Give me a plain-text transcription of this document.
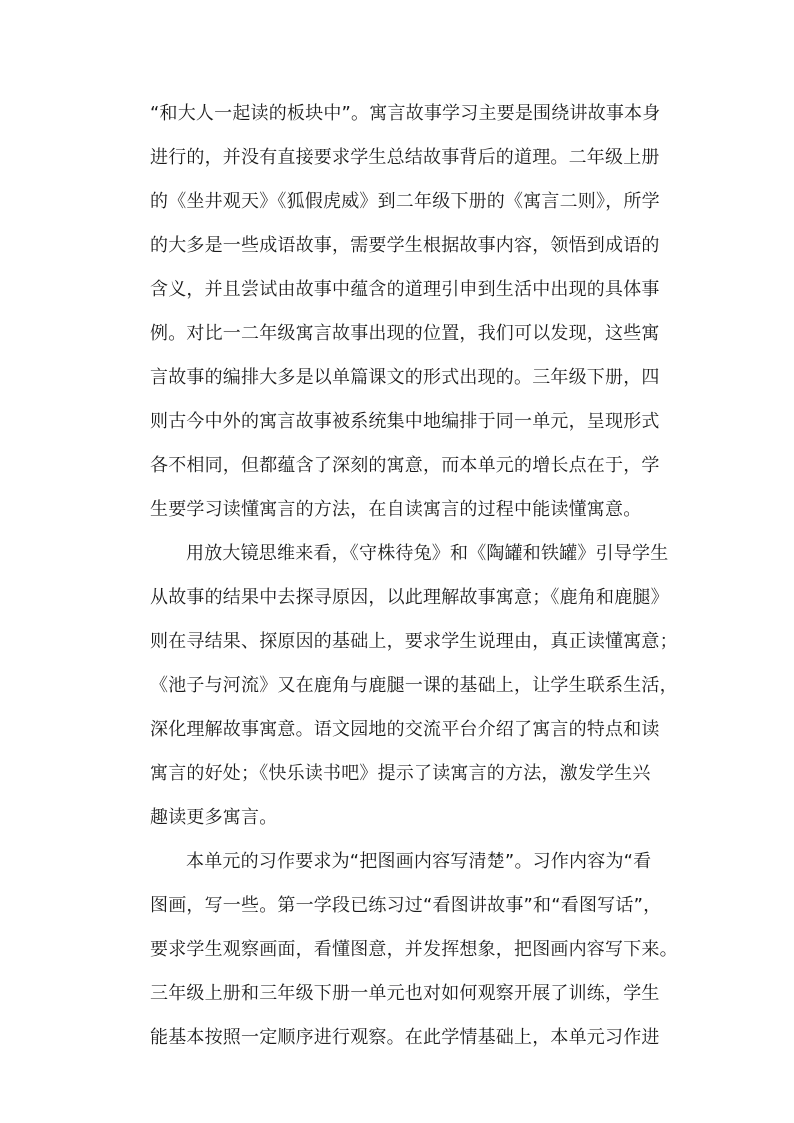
“和大人一起读的板块中”。寓言故事学习主要是围绕讲故事本身
进行的，并没有直接要求学生总结故事背后的道理。二年级上册
的《坐井观天》《狐假虎威》到二年级下册的《寓言二则》，所学
的大多是一些成语故事，需要学生根据故事内容，领悟到成语的
含义，并且尝试由故事中蕴含的道理引申到生活中出现的具体事
例。对比一二年级寓言故事出现的位置，我们可以发现，这些寓
言故事的编排大多是以单篇课文的形式出现的。三年级下册，四
则古今中外的寓言故事被系统集中地编排于同一单元，呈现形式
各不相同，但都蕴含了深刻的寓意，而本单元的增长点在于，学
生要学习读懂寓言的方法，在自读寓言的过程中能读懂寓意。
用放大镜思维来看，《守株待兔》和《陶罐和铁罐》引导学生
从故事的结果中去探寻原因，以此理解故事寓意；《鹿角和鹿腿》
则在寻结果、探原因的基础上，要求学生说理由，真正读懂寓意；
《池子与河流》又在鹿角与鹿腿一课的基础上，让学生联系生活，
深化理解故事寓意。语文园地的交流平台介绍了寓言的特点和读
寓言的好处；《快乐读书吧》提示了读寓言的方法，激发学生兴
趣读更多寓言。
本单元的习作要求为“把图画内容写清楚”。习作内容为“看
图画，写一些。第一学段已练习过“看图讲故事”和“看图写话”，
要求学生观察画面，看懂图意，并发挥想象，把图画内容写下来。
三年级上册和三年级下册一单元也对如何观察开展了训练，学生
能基本按照一定顺序进行观察。在此学情基础上，本单元习作进
